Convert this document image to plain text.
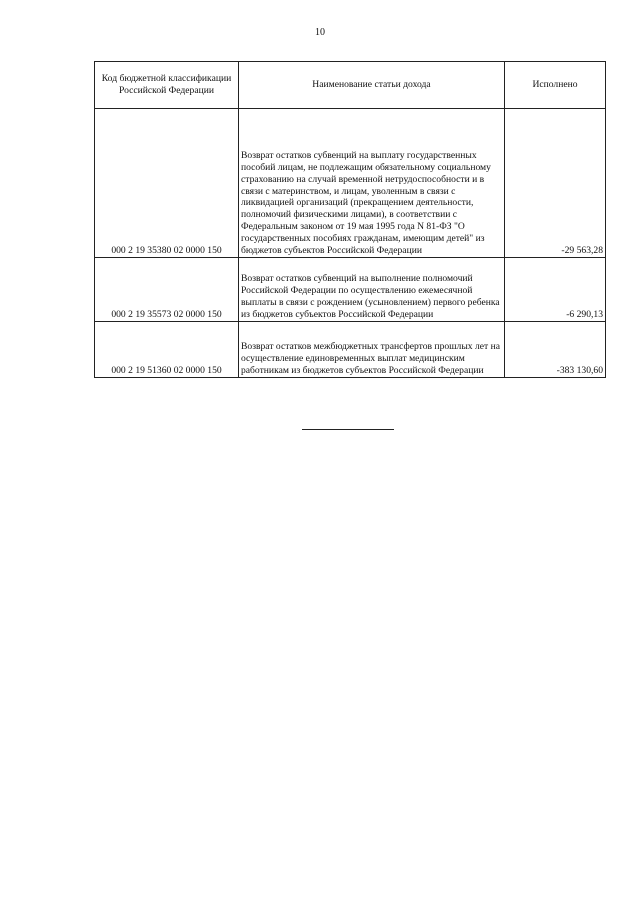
10
Код бюджетной классификации Российской Федерации	Наименование статьи дохода	Исполнено
000 2 19 35380 02 0000 150	Возврат остатков субвенций на выплату государственных пособий лицам, не подлежащим обязательному социальному страхованию на случай временной нетрудоспособности и в связи с материнством, и лицам, уволенным в связи с ликвидацией организаций (прекращением деятельности, полномочий физическими лицами), в соответствии с Федеральным законом от 19 мая 1995 года N 81-ФЗ "О государственных пособиях гражданам, имеющим детей" из бюджетов субъектов Российской Федерации	-29 563,28
000 2 19 35573 02 0000 150	Возврат остатков субвенций на выполнение полномочий Российской Федерации по осуществлению ежемесячной выплаты в связи с рождением (усыновлением) первого ребенка из бюджетов субъектов Российской Федерации	-6 290,13
000 2 19 51360 02 0000 150	Возврат остатков межбюджетных трансфертов прошлых лет на осуществление единовременных выплат медицинским работникам из бюджетов субъектов Российской Федерации	-383 130,60
